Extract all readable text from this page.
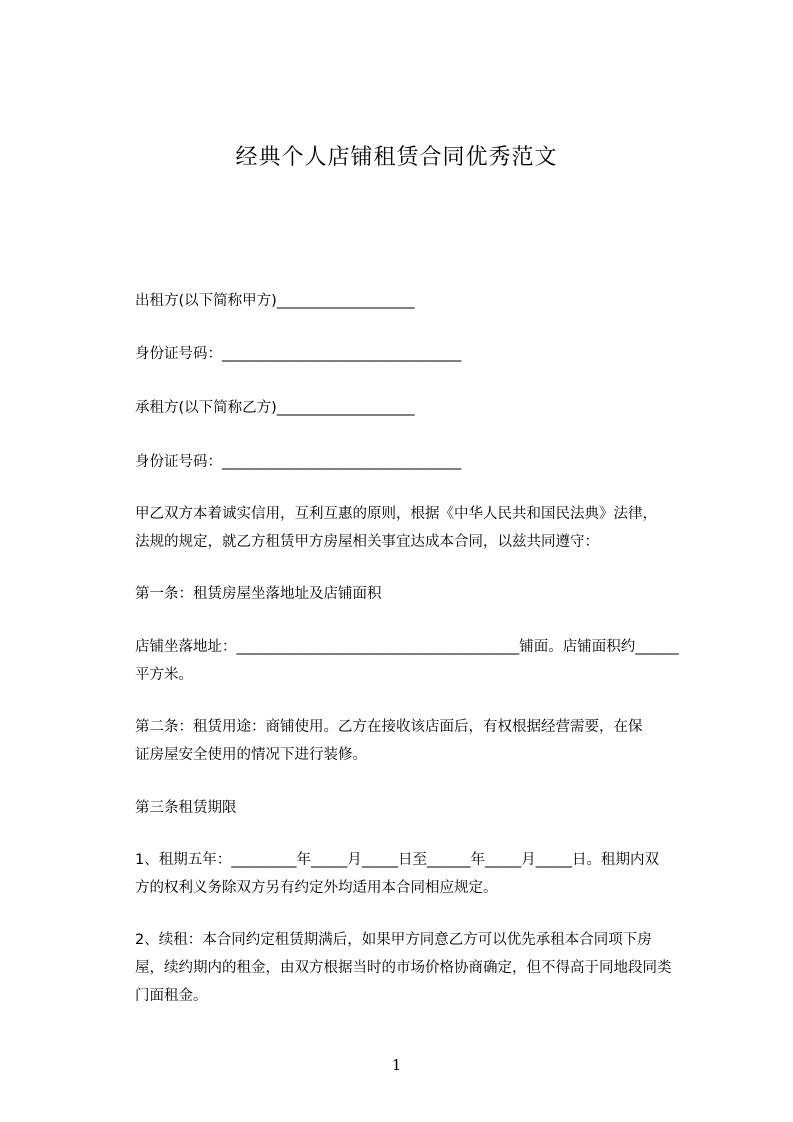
经典个人店铺租赁合同优秀范文
出租方(以下简称甲方)___________________
身份证号码：_________________________________
承租方(以下简称乙方)___________________
身份证号码：_________________________________
甲乙双方本着诚实信用，互利互惠的原则，根据《中华人民共和国民法典》法律，
法规的规定，就乙方租赁甲方房屋相关事宜达成本合同，以兹共同遵守：
第一条：租赁房屋坐落地址及店铺面积
店铺坐落地址：_______________________________________铺面。店铺面积约______
平方米。
第二条：租赁用途：商铺使用。乙方在接收该店面后，有权根据经营需要，在保
证房屋安全使用的情况下进行装修。
第三条租赁期限
1、租期五年：_________年_____月_____日至______年_____月_____日。租期内双
方的权利义务除双方另有约定外均适用本合同相应规定。
2、续租：本合同约定租赁期满后，如果甲方同意乙方可以优先承租本合同项下房
屋，续约期内的租金，由双方根据当时的市场价格协商确定，但不得高于同地段同类
门面租金。
1
